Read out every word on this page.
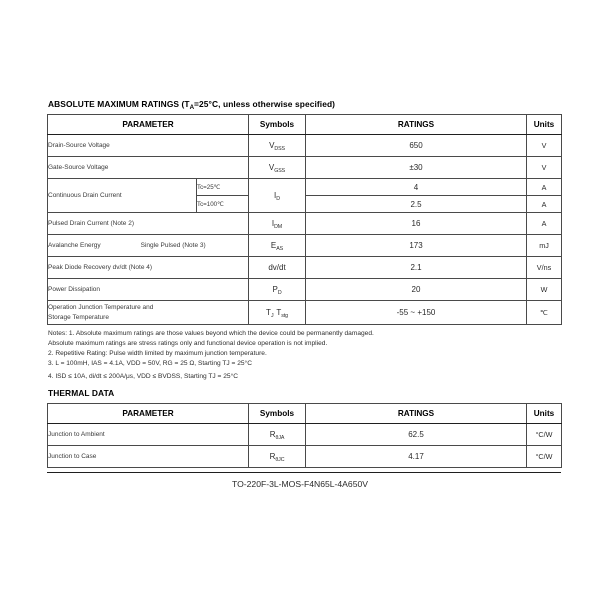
ABSOLUTE MAXIMUM RATINGS ($T_A=25^\circ C$, unless otherwise specified)
PARAMETER		Symbols	RATINGS	Units
Drain-Source Voltage		$V_{DSS}$	650	V
Gate-Source Voltage		$V_{GSS}$	±30	V
Continuous Drain Current	Tc=25℃	$I_D$	4	A
	Tc=100℃		2.5	A
Pulsed Drain Current (Note 2)		$I_{DM}$	16	A
Avalanche Energy Single Pulsed (Note 3)		$E_{AS}$	173	mJ
Peak Diode Recovery dv/dt (Note 4)		dv/dt	2.1	V/ns
Power Dissipation		$P_D$	20	W

Operation Junction Temperature and
Storage Temperature		$T_J$ $T_{stg}$	-55 ~ +150	℃
Notes: 1. Absolute maximum ratings are those values beyond which the device could be permanently damaged.
Absolute maximum ratings are stress ratings only and functional device operation is not implied.
2. Repetitive Rating: Pulse width limited by maximum junction temperature.
3. L = 100mH, IAS = 4.1A, VDD = 50V, RG = 25 Ω, Starting TJ = 25°C
4. ISD ≤ 10A, di/dt ≤ 200A/μs, VDD ≤ BVDSS, Starting TJ = 25°C
THERMAL DATA
PARAMETER	Symbols	RATINGS	Units
Junction to Ambient	$R_{\theta JA}$	62.5	°C/W
Junction to Case	$R_{\theta JC}$	4.17	°C/W
TO-220F-3L-MOS-F4N65L-4A650V
